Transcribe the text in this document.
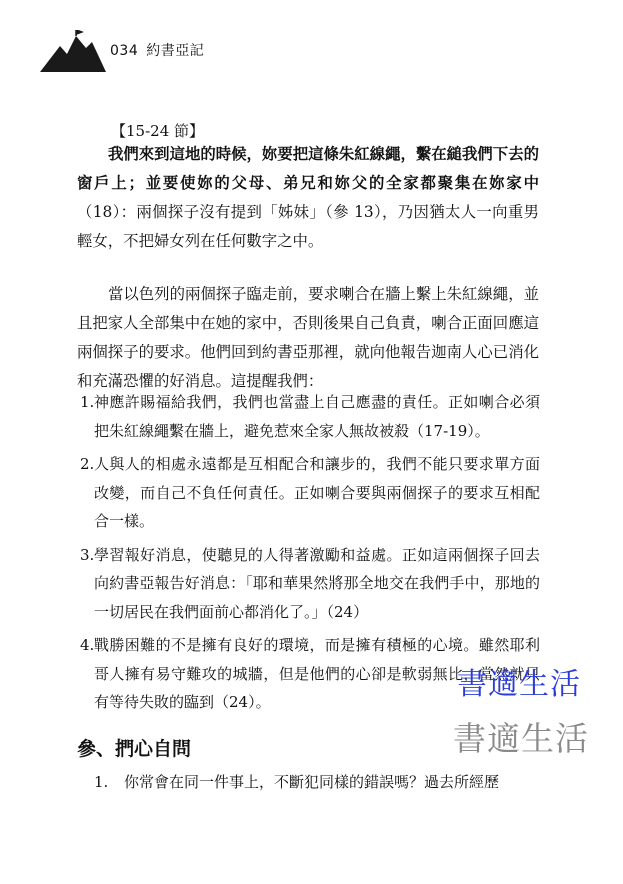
034 約書亞記
【15-24 節】

我們來到這地的時候，妳要把這條朱紅線繩，繫在縋我們下去的窗戶上；並要使妳的父母、弟兄和妳父的全家都聚集在妳家中（18）：兩個探子沒有提到「姊妹」（參 13），乃因猶太人一向重男輕女，不把婦女列在任何數字之中。

當以色列的兩個探子臨走前，要求喇合在牆上繫上朱紅線繩，並且把家人全部集中在她的家中，否則後果自己負責，喇合正面回應這兩個探子的要求。他們回到約書亞那裡，就向他報告迦南人心已消化和充滿恐懼的好消息。這提醒我們：

1. 神應許賜福給我們，我們也當盡上自己應盡的責任。正如喇合必須把朱紅線繩繫在牆上，避免惹來全家人無故被殺（17-19）。
2. 人與人的相處永遠都是互相配合和讓步的，我們不能只要求單方面改變，而自己不負任何責任。正如喇合要與兩個探子的要求互相配合一樣。
3. 學習報好消息，使聽見的人得著激勵和益處。正如這兩個探子回去向約書亞報告好消息：「耶和華果然將那全地交在我們手中，那地的一切居民在我們面前心都消化了。」（24）
4. 戰勝困難的不是擁有良好的環境，而是擁有積極的心境。雖然耶利哥人擁有易守難攻的城牆，但是他們的心卻是軟弱無比，當然就只有等待失敗的臨到（24）。
參、捫心自問
1. 你常會在同一件事上，不斷犯同樣的錯誤嗎？過去所經歷
書適生活
書適生活
